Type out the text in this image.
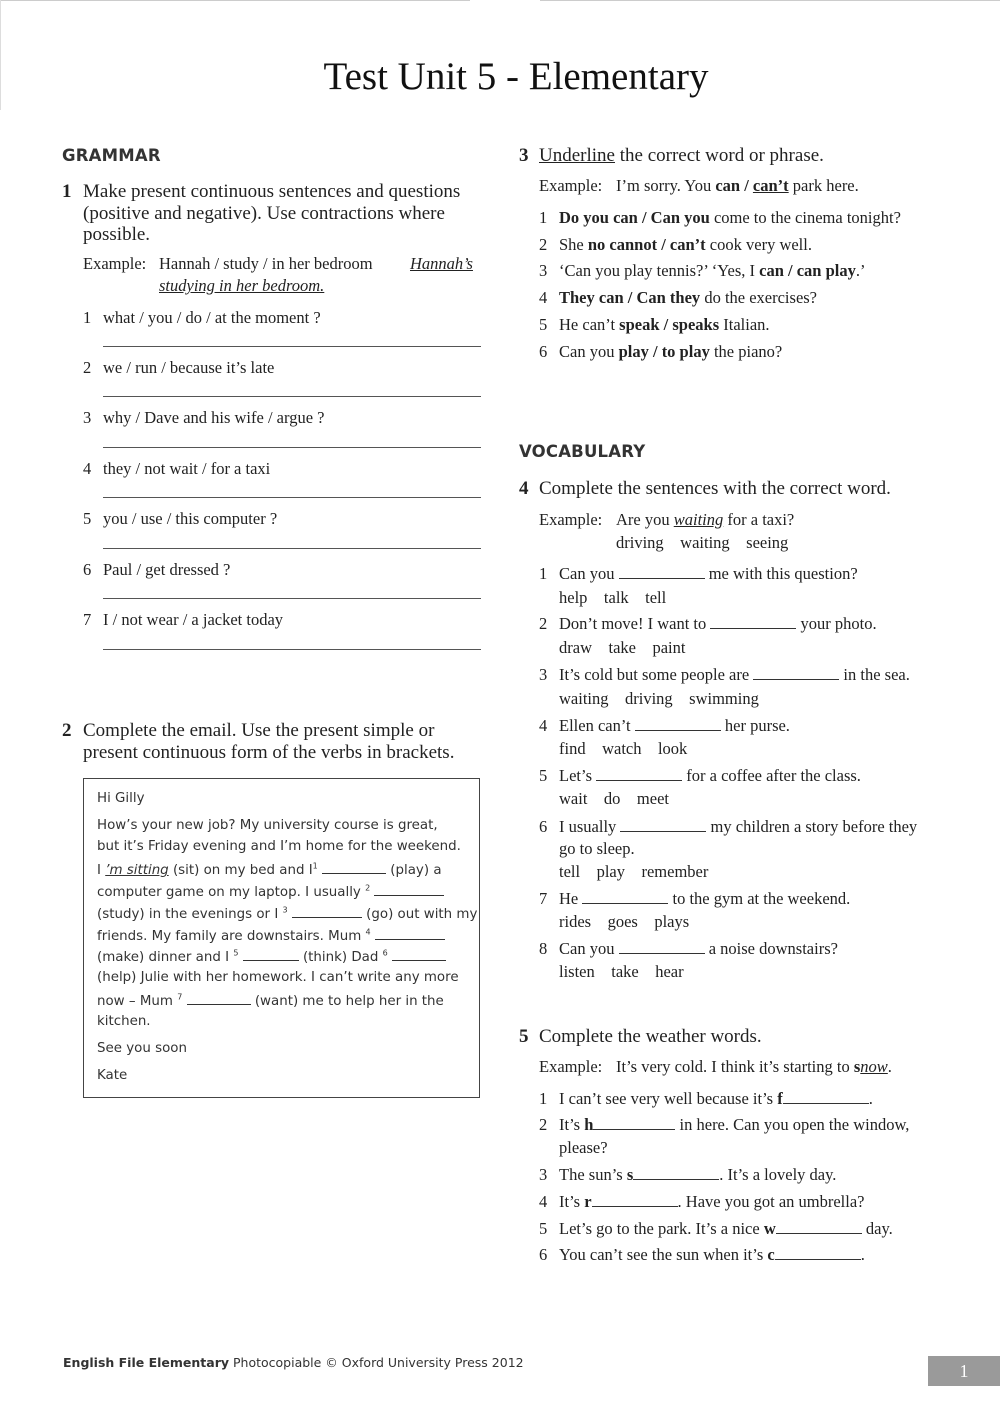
Test Unit 5 - Elementary
GRAMMAR
1 Make present continuous sentences and questions
(positive and negative). Use contractions where
possible.
Example: Hannah / study / in her bedroom Hannah’s
studying in her bedroom.
1 what / you / do / at the moment ?
2 we / run / because it’s late
3 why / Dave and his wife / argue ?
4 they / not wait / for a taxi
5 you / use / this computer ?
6 Paul / get dressed ?
7 I / not wear / a jacket today
2 Complete the email. Use the present simple or
present continuous form of the verbs in brackets.
Hi Gilly
How’s your new job? My university course is great,
but it’s Friday evening and I’m home for the weekend.
I ’m sitting (sit) on my bed and $I^1$	(play) a
computer game on my laptop. I usually $^2$
(study) in the evenings or I $^3$	(go) out with my
friends. My family are downstairs. Mum $^4$
(make) dinner and I $^5$	(think) Dad $^6$
(help) Julie with her homework. I can’t write any more
now – Mum $^7$	(want) me to help her in the
kitchen.
See you soon
Kate
3 Underline the correct word or phrase.
Example: I’m sorry. You can / can’t park here.
1 Do you can / Can you come to the cinema tonight?
2 She no cannot / can’t cook very well.
3 ‘Can you play tennis?’ ‘Yes, I can / can play.’
4 They can / Can they do the exercises?
5 He can’t speak / speaks Italian.
6 Can you play / to play the piano?
VOCABULARY
4 Complete the sentences with the correct word.
Example: Are you waiting for a taxi?
driving    waiting    seeing
1 Can you	me with this question?
help    talk    tell
2 Don’t move! I want to	your photo.
draw    take    paint
3 It’s cold but some people are	in the sea.
waiting    driving    swimming
4 Ellen can’t	her purse.
find    watch    look
5 Let’s	for a coffee after the class.
wait    do    meet
6 I usually	my children a story before they
go to sleep.
tell    play    remember
7 He	to the gym at the weekend.
rides    goes    plays
8 Can you	a noise downstairs?
listen    take    hear
5 Complete the weather words.
Example: It’s very cold. I think it’s starting to snow.
1 I can’t see very well because it’s f	.
2 It’s h	in here. Can you open the window,
please?
3 The sun’s s	. It’s a lovely day.
4 It’s r	. Have you got an umbrella?
5 Let’s go to the park. It’s a nice w	day.
6 You can’t see the sun when it’s c	.
English File Elementary Photocopiable © Oxford University Press 2012	1
